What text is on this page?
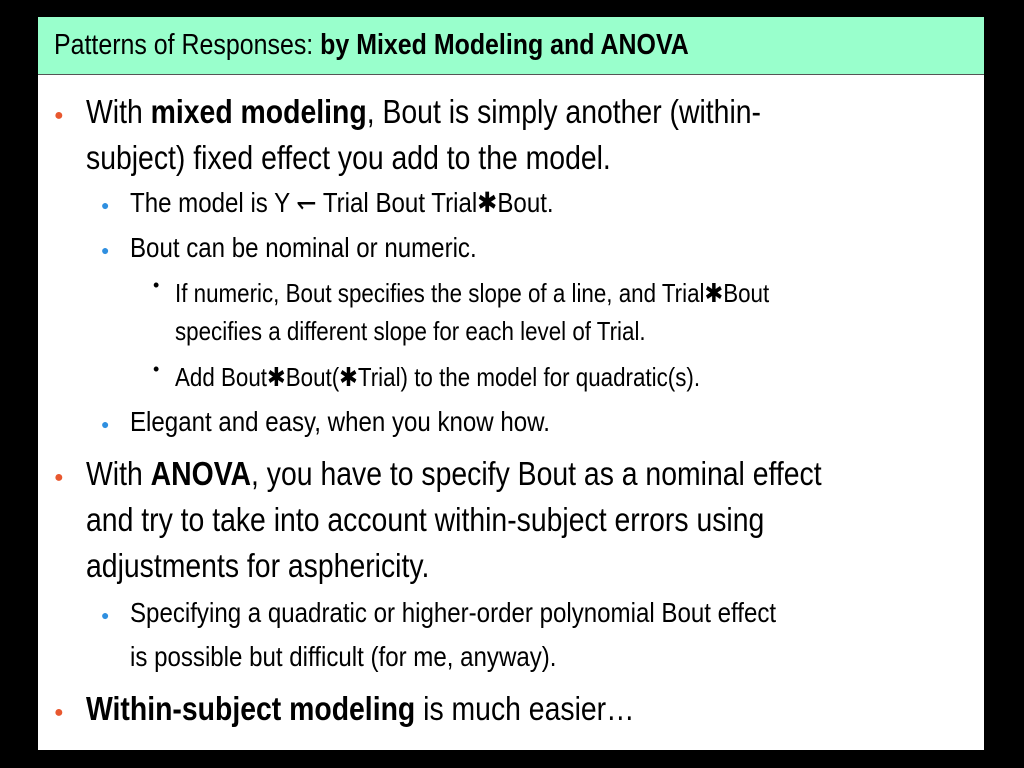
Patterns of Responses: by Mixed Modeling and ANOVA
● With mixed modeling, Bout is simply another (within-
subject) fixed effect you add to the model.
● The model is Y ↽ Trial Bout Trial✱Bout.
● Bout can be nominal or numeric.
• If numeric, Bout specifies the slope of a line, and Trial✱Bout
specifies a different slope for each level of Trial.
• Add Bout✱Bout(✱Trial) to the model for quadratic(s).
● Elegant and easy, when you know how.
● With ANOVA, you have to specify Bout as a nominal effect
and try to take into account within-subject errors using
adjustments for asphericity.
● Specifying a quadratic or higher-order polynomial Bout effect
is possible but difficult (for me, anyway).
● Within-subject modeling is much easier…
